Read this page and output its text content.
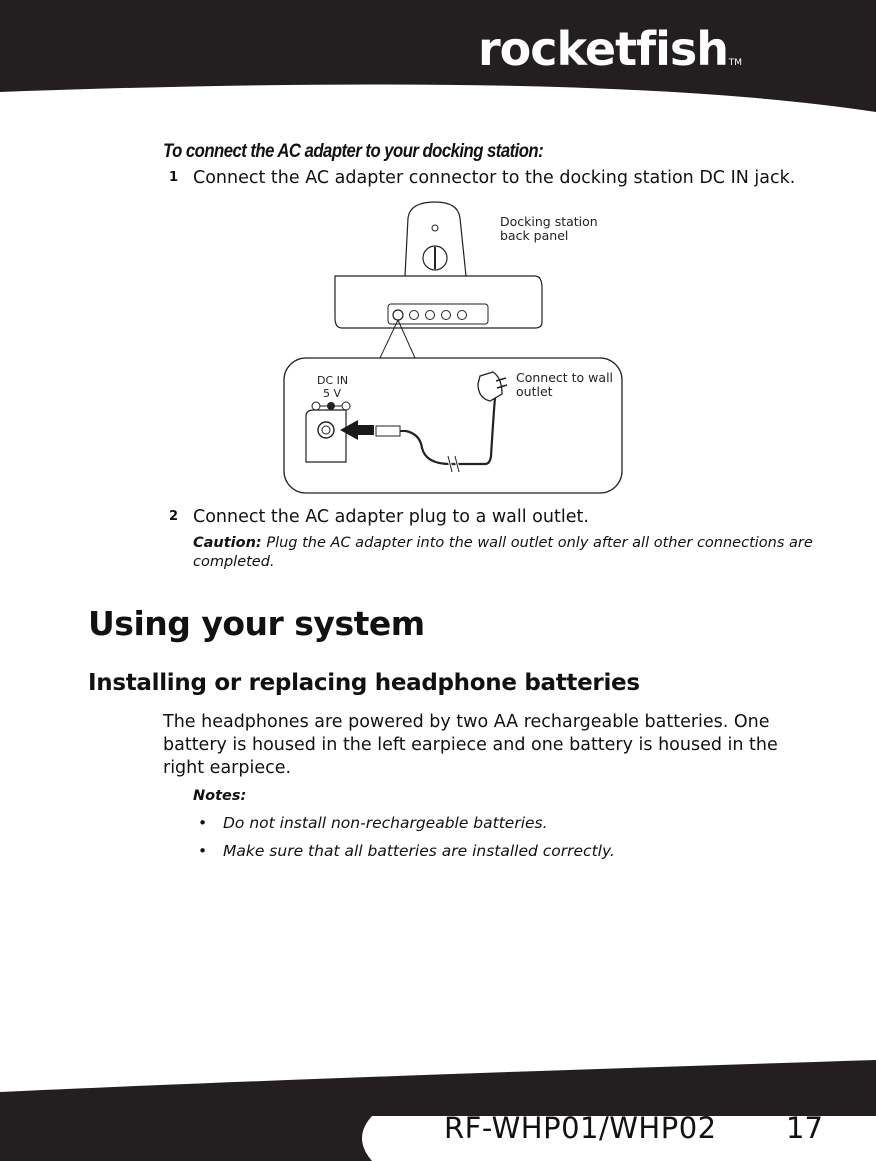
rocketfish TM
To connect the AC adapter to your docking station:
1 Connect the AC adapter connector to the docking station DC IN jack.
Docking station
back panel
Connect to wall
outlet
DC IN
5 V
2 Connect the AC adapter plug to a wall outlet.
Caution: Plug the AC adapter into the wall outlet only after all other connections are completed.
Using your system
Installing or replacing headphone batteries
The headphones are powered by two AA rechargeable batteries. One battery is housed in the left earpiece and one battery is housed in the right earpiece.
Notes:
• Do not install non-rechargeable batteries.
• Make sure that all batteries are installed correctly.
RF-WHP01/WHP02 17
